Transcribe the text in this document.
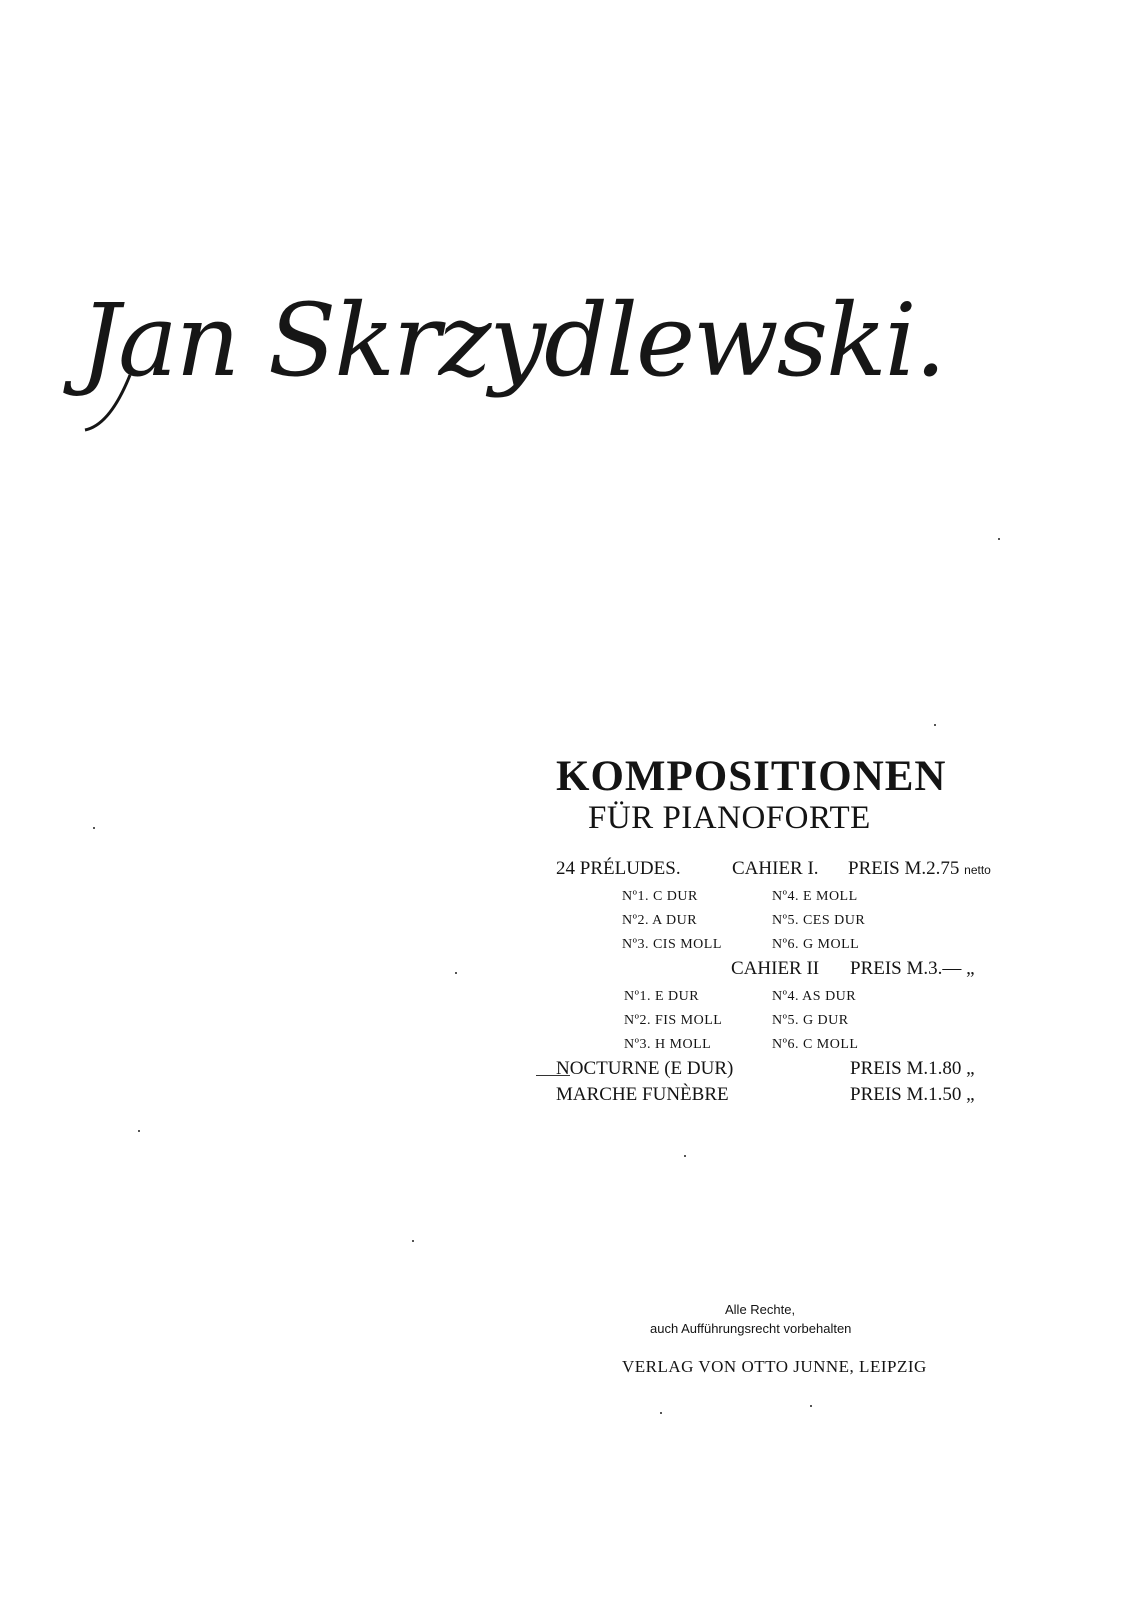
Jan Skrzydlewski.
KOMPOSITIONEN
FÜR PIANOFORTE
24 PRÉLUDES.	CAHIER I. PREIS M.2.75 netto
Nº1. C DUR	Nº4. E MOLL
Nº2. A DUR	Nº5. CES DUR
Nº3. CIS MOLL	Nº6. G MOLL
CAHIER II PREIS M.3.— „
Nº1. E DUR	Nº4. AS DUR
Nº2. FIS MOLL	Nº5. G DUR
Nº3. H MOLL	Nº6. C MOLL
NOCTURNE (E DUR)	PREIS M.1.80 „
MARCHE FUNÈBRE	PREIS M.1.50 „
Alle Rechte,
auch Aufführungsrecht vorbehalten
VERLAG VON OTTO JUNNE, LEIPZIG
